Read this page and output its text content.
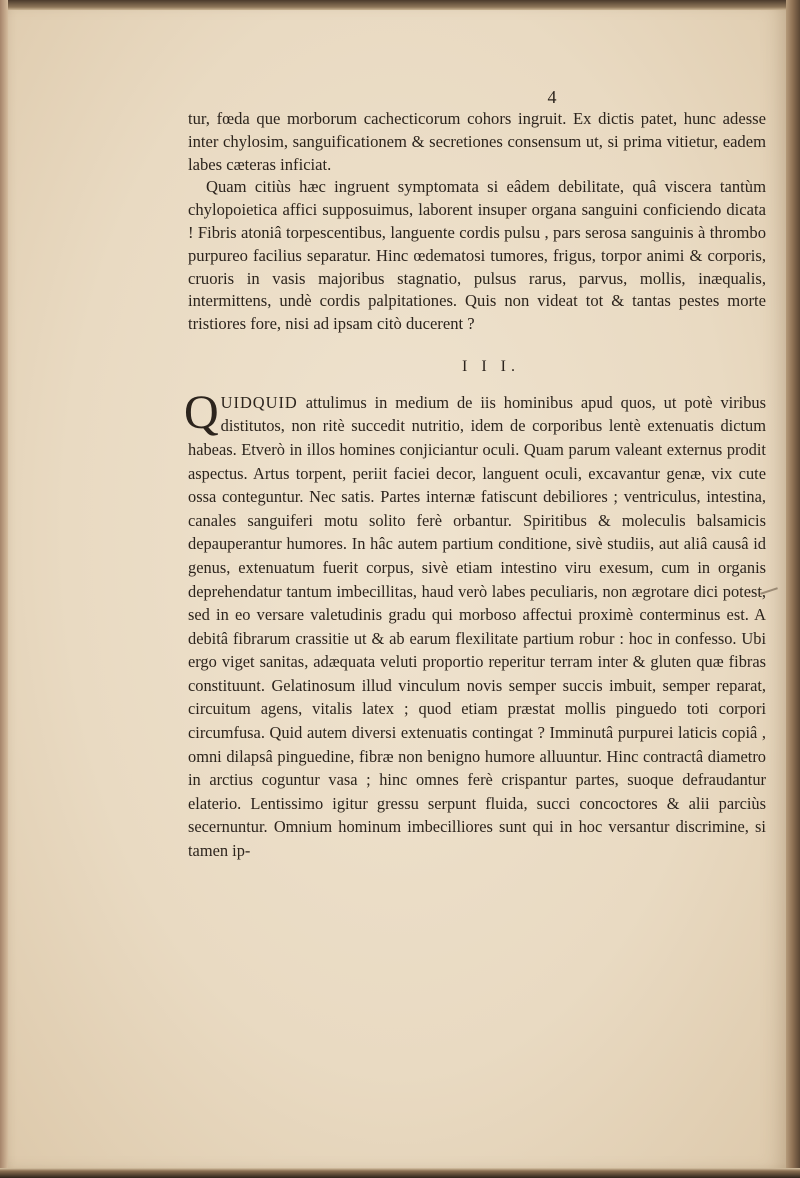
4

tur, fœda que morborum cachecticorum cohors ingruit. Ex dictis patet, hunc adesse inter chylosim, sanguificationem & secretiones consensum ut, si prima vitietur, eadem labes cæteras inficiat.

Quam citiùs hæc ingruent symptomata si eâdem debilitate, quâ viscera tantùm chylopoietica affici supposuimus, laborent insuper organa sanguini conficiendo dicata ! Fibris atoniâ torpescentibus, languente cordis pulsu , pars serosa sanguinis à thrombo purpureo facilius separatur. Hinc œdematosi tumores, frigus, torpor animi & corporis, cruoris in vasis majoribus stagnatio, pulsus rarus, parvus, mollis, inæqualis, intermittens, undè cordis palpitationes. Quis non videat tot & tantas pestes morte tristiores fore, nisi ad ipsam citò ducerent ?

I I I.

QUIDQUID attulimus in medium de iis hominibus apud quos, ut potè viribus distitutos, non ritè succedit nutritio, idem de corporibus lentè extenuatis dictum habeas. Etverò in illos homines conjiciantur oculi. Quam parum valeant externus prodit aspectus. Artus torpent, periit faciei decor, languent oculi, excavantur genæ, vix cute ossa conteguntur. Nec satis. Partes internæ fatiscunt debiliores ; ventriculus, intestina, canales sanguiferi motu solito ferè orbantur. Spiritibus & moleculis balsamicis depauperantur humores. In hâc autem partium conditione, sivè studiis, aut aliâ causâ id genus, extenuatum fuerit corpus, sivè etiam intestino viru exesum, cum in organis deprehendatur tantum imbecillitas, haud verò labes peculiaris, non ægrotare dici potest, sed in eo versare valetudinis gradu qui morboso affectui proximè conterminus est. A debitâ fibrarum crassitie ut & ab earum flexilitate partium robur : hoc in confesso. Ubi ergo viget sanitas, adæquata veluti proportio reperitur terram inter & gluten quæ fibras constituunt. Gelatinosum illud vinculum novis semper succis imbuit, semper reparat, circuitum agens, vitalis latex ; quod etiam præstat mollis pinguedo toti corpori circumfusa. Quid autem diversi extenuatis contingat ? Imminutâ purpurei laticis copiâ , omni dilapsâ pinguedine, fibræ non benigno humore alluuntur. Hinc contractâ diametro in arctius coguntur vasa ; hinc omnes ferè crispantur partes, suoque defraudantur elaterio. Lentissimo igitur gressu serpunt fluida, succi concoctores & alii parciùs secernuntur. Omnium hominum imbecilliores sunt qui in hoc versantur discrimine, si tamen ip-
